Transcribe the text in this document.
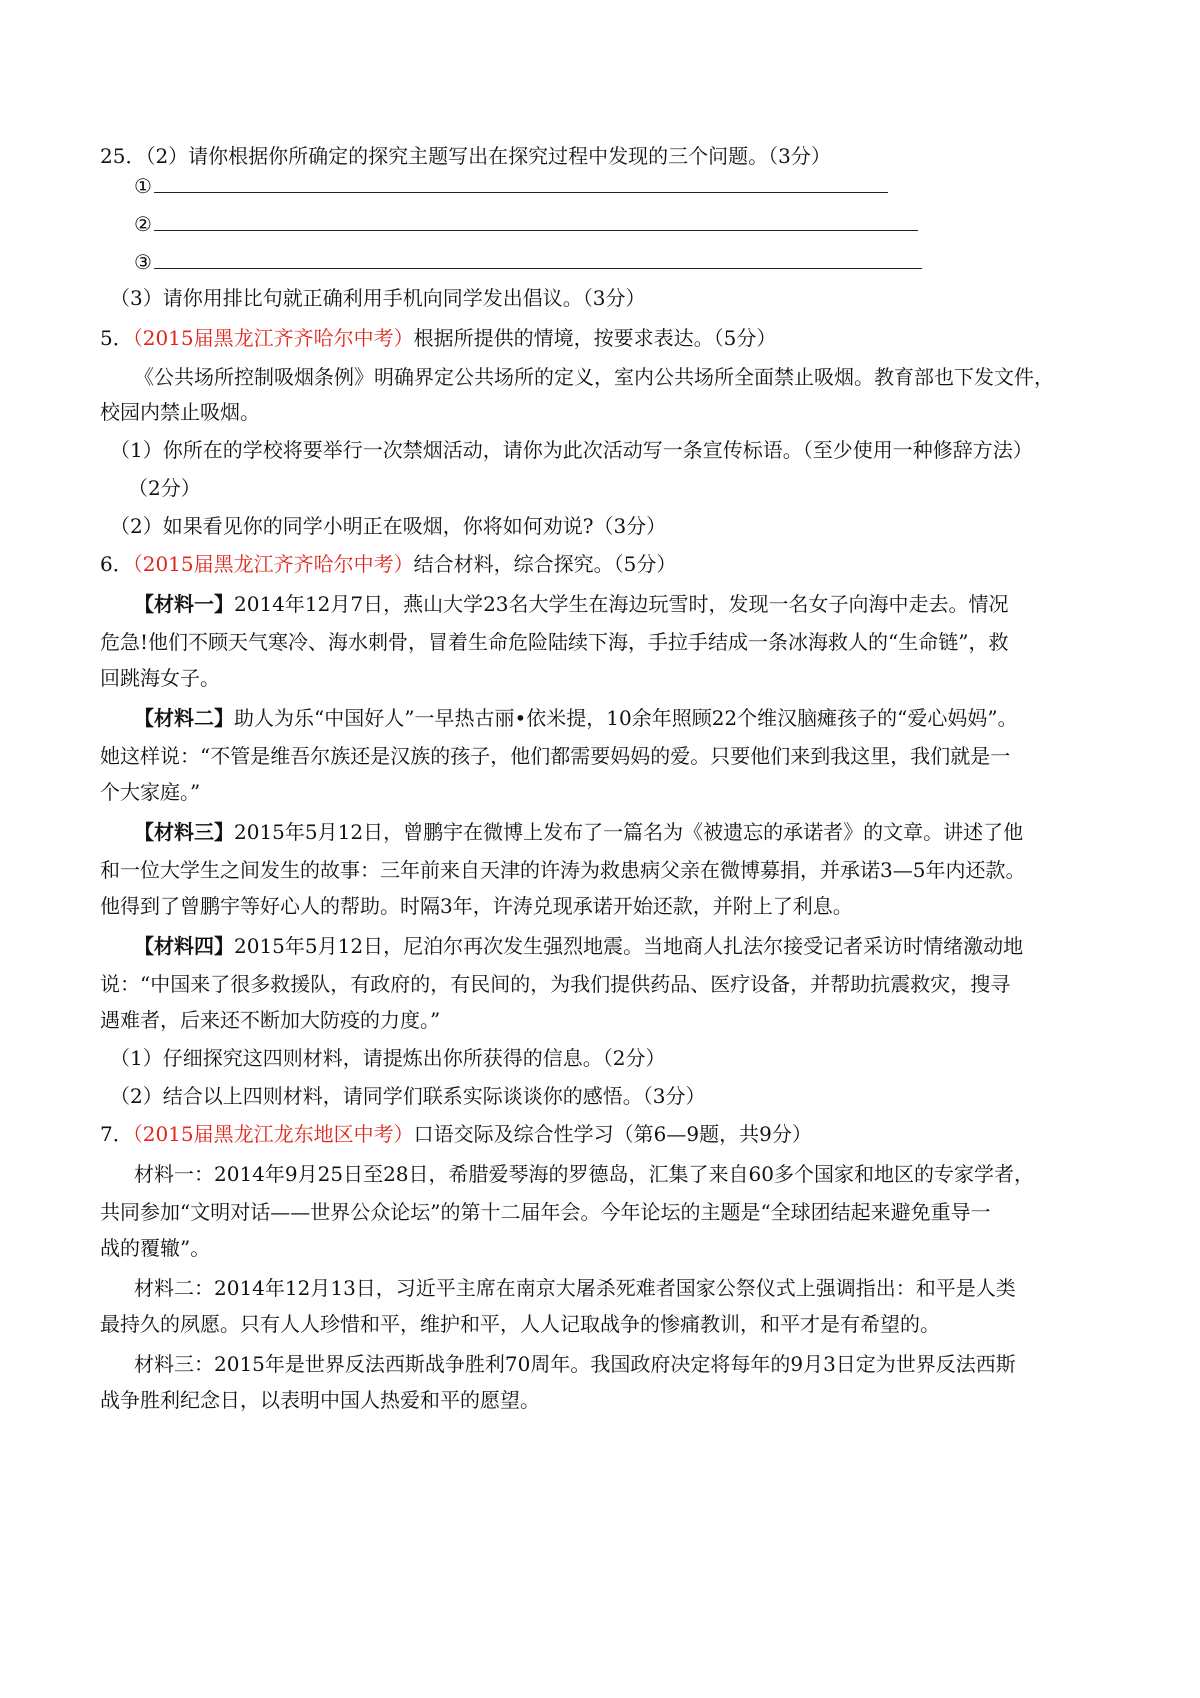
25．（2）请你根据你所确定的探究主题写出在探究过程中发现的三个问题。（3分）
①
②
③
（3）请你用排比句就正确利用手机向同学发出倡议。（3分）
5．（2015届黑龙江齐齐哈尔中考）根据所提供的情境，按要求表达。（5分）
《公共场所控制吸烟条例》明确界定公共场所的定义，室内公共场所全面禁止吸烟。教育部也下发文件，
校园内禁止吸烟。
（1）你所在的学校将要举行一次禁烟活动，请你为此次活动写一条宣传标语。（至少使用一种修辞方法）
（2分）
（2）如果看见你的同学小明正在吸烟，你将如何劝说?（3分）
6．（2015届黑龙江齐齐哈尔中考）结合材料，综合探究。（5分）
【材料一】2014年12月7日，燕山大学23名大学生在海边玩雪时，发现一名女子向海中走去。情况
危急!他们不顾天气寒冷、海水刺骨，冒着生命危险陆续下海，手拉手结成一条冰海救人的“生命链”，救
回跳海女子。
【材料二】助人为乐“中国好人”一早热古丽•依米提，10余年照顾22个维汉脑瘫孩子的“爱心妈妈”。
她这样说：“不管是维吾尔族还是汉族的孩子，他们都需要妈妈的爱。只要他们来到我这里，我们就是一
个大家庭。”
【材料三】2015年5月12日，曾鹏宇在微博上发布了一篇名为《被遗忘的承诺者》的文章。讲述了他
和一位大学生之间发生的故事：三年前来自天津的许涛为救患病父亲在微博募捐，并承诺3—5年内还款。
他得到了曾鹏宇等好心人的帮助。时隔3年，许涛兑现承诺开始还款，并附上了利息。
【材料四】2015年5月12日，尼泊尔再次发生强烈地震。当地商人扎法尔接受记者采访时情绪激动地
说：“中国来了很多救援队，有政府的，有民间的，为我们提供药品、医疗设备，并帮助抗震救灾，搜寻
遇难者，后来还不断加大防疫的力度。”
（1）仔细探究这四则材料，请提炼出你所获得的信息。（2分）
（2）结合以上四则材料，请同学们联系实际谈谈你的感悟。（3分）
7．（2015届黑龙江龙东地区中考）口语交际及综合性学习（第6—9题，共9分）
材料一：2014年9月25日至28日，希腊爱琴海的罗德岛，汇集了来自60多个国家和地区的专家学者，
共同参加“文明对话——世界公众论坛”的第十二届年会。今年论坛的主题是“全球团结起来避免重导一
战的覆辙”。
材料二：2014年12月13日，习近平主席在南京大屠杀死难者国家公祭仪式上强调指出：和平是人类
最持久的夙愿。只有人人珍惜和平，维护和平，人人记取战争的惨痛教训，和平才是有希望的。
材料三：2015年是世界反法西斯战争胜利70周年。我国政府决定将每年的9月3日定为世界反法西斯
战争胜利纪念日，以表明中国人热爱和平的愿望。
